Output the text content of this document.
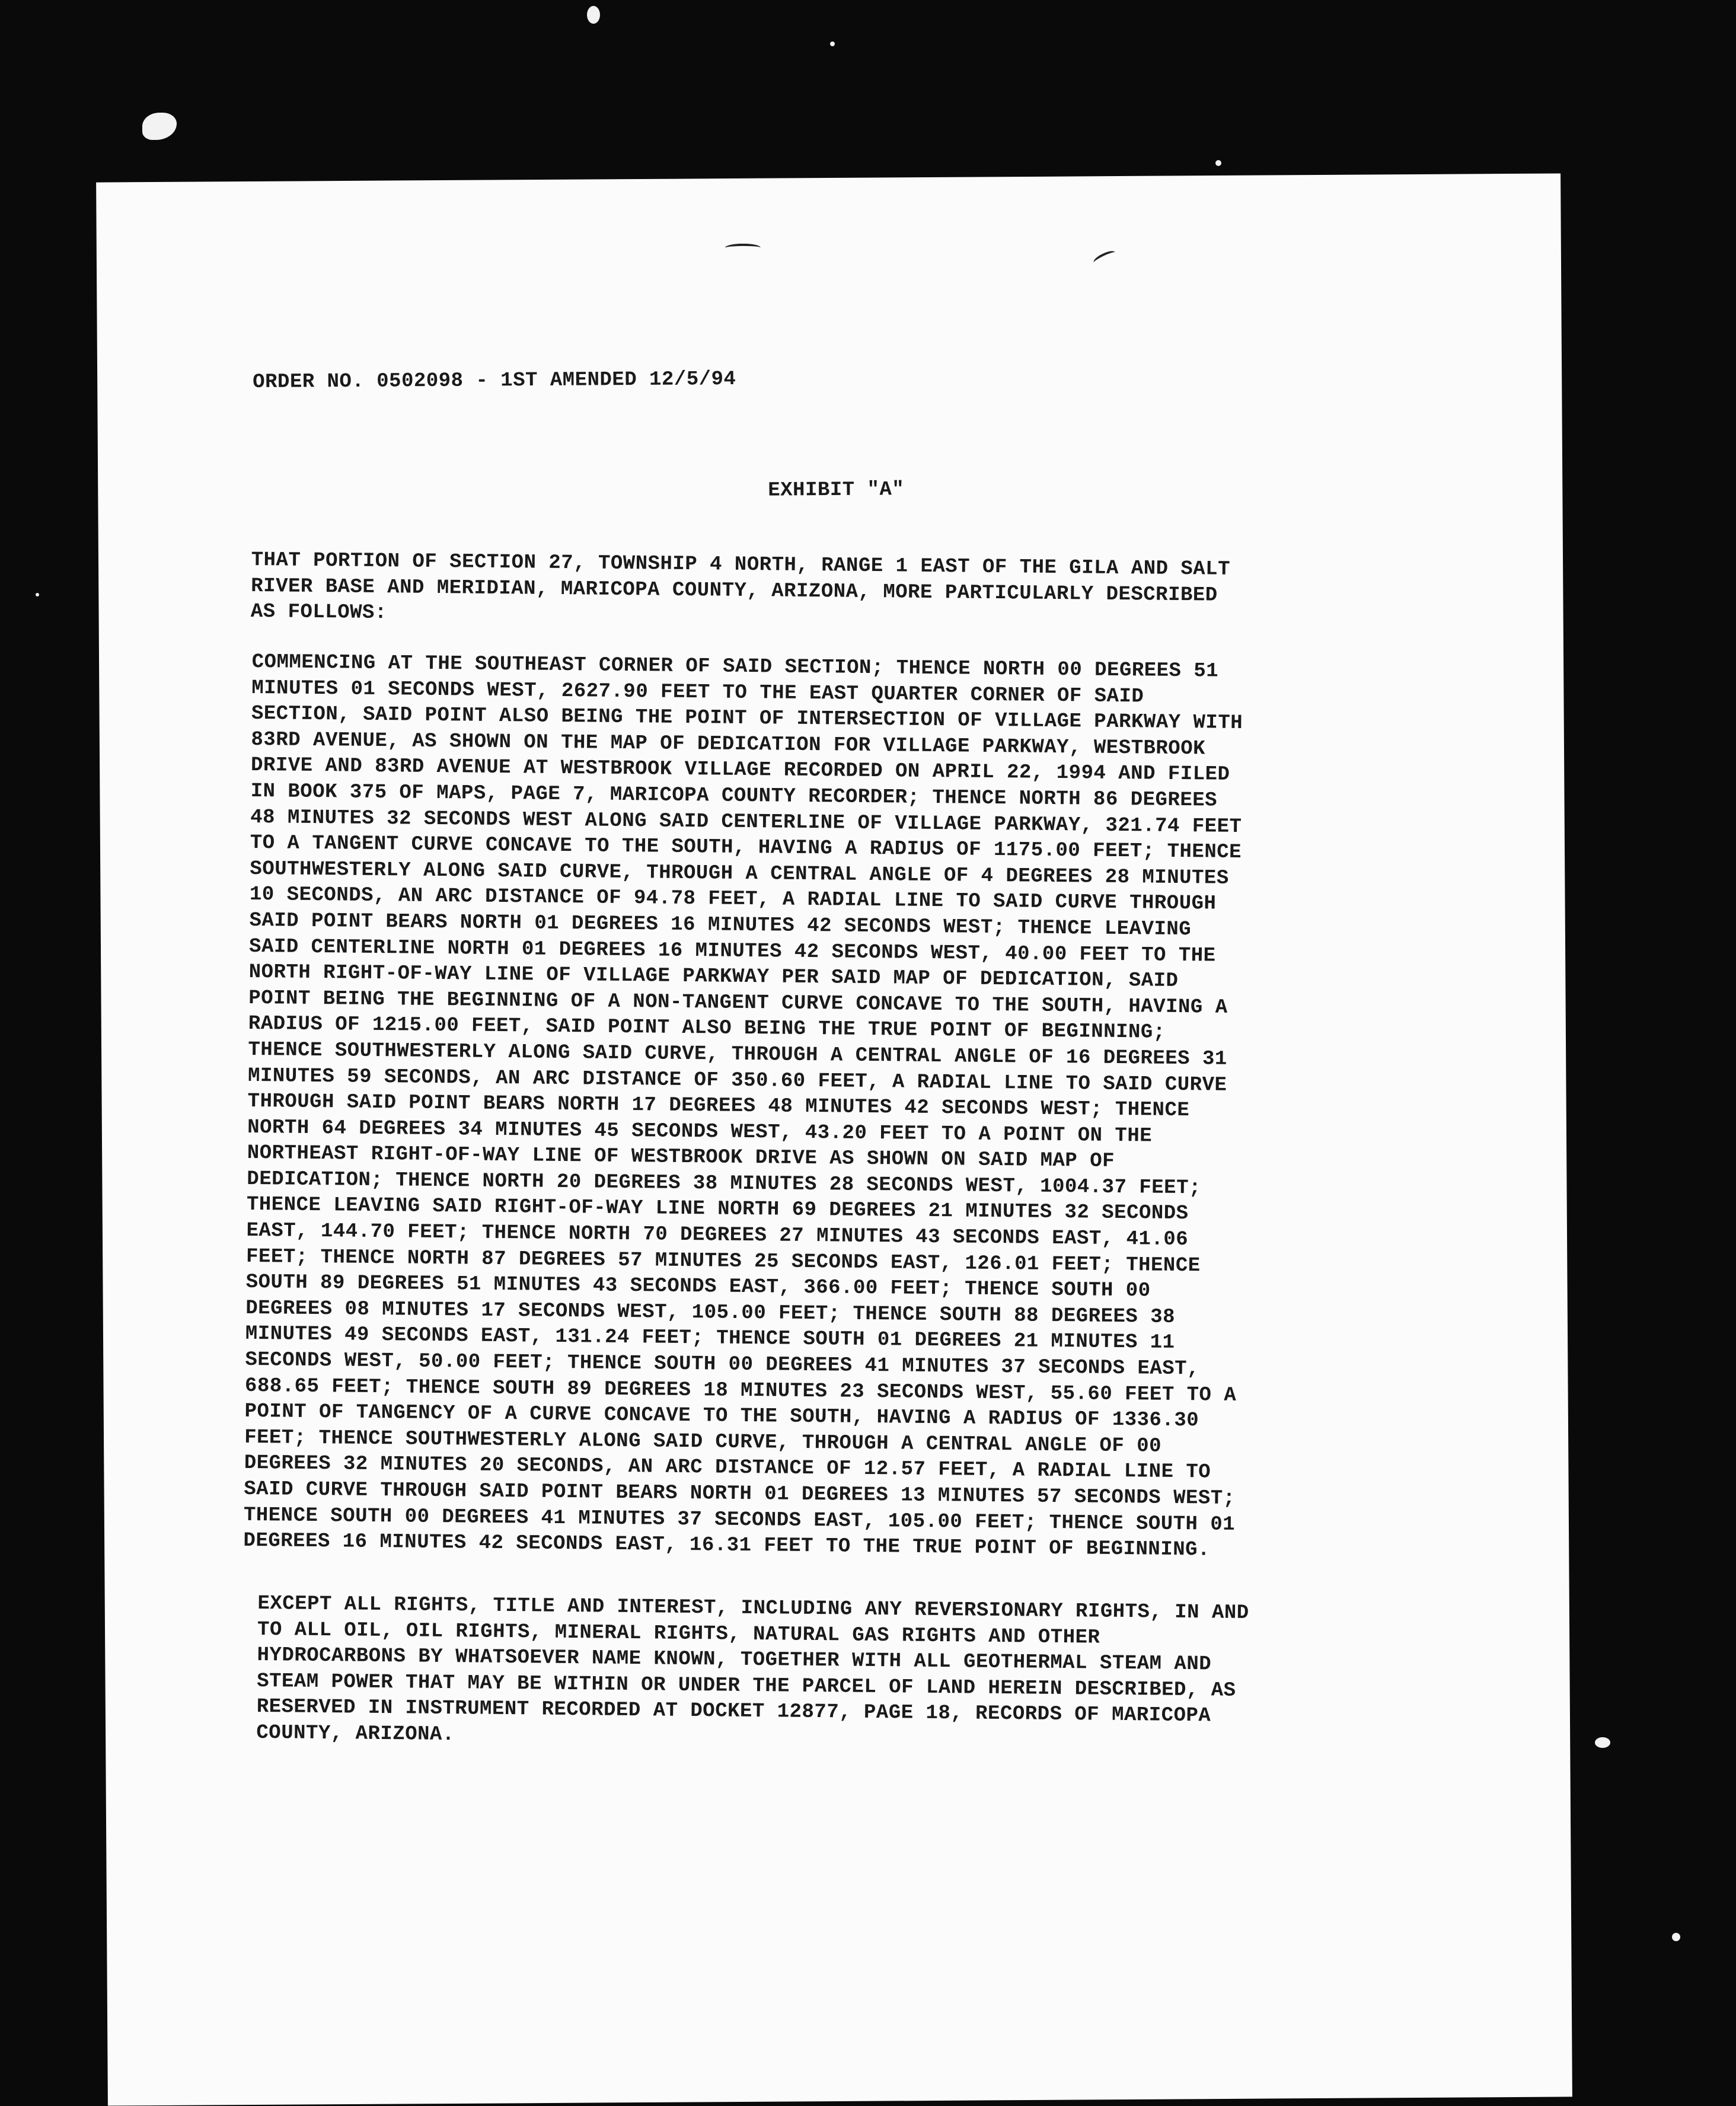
ORDER NO. 0502098 - 1ST AMENDED 12/5/94

EXHIBIT "A"

THAT PORTION OF SECTION 27, TOWNSHIP 4 NORTH, RANGE 1 EAST OF THE GILA AND SALT
RIVER BASE AND MERIDIAN, MARICOPA COUNTY, ARIZONA, MORE PARTICULARLY DESCRIBED
AS FOLLOWS:

COMMENCING AT THE SOUTHEAST CORNER OF SAID SECTION; THENCE NORTH 00 DEGREES 51
MINUTES 01 SECONDS WEST, 2627.90 FEET TO THE EAST QUARTER CORNER OF SAID
SECTION, SAID POINT ALSO BEING THE POINT OF INTERSECTION OF VILLAGE PARKWAY WITH
83RD AVENUE, AS SHOWN ON THE MAP OF DEDICATION FOR VILLAGE PARKWAY, WESTBROOK
DRIVE AND 83RD AVENUE AT WESTBROOK VILLAGE RECORDED ON APRIL 22, 1994 AND FILED
IN BOOK 375 OF MAPS, PAGE 7, MARICOPA COUNTY RECORDER; THENCE NORTH 86 DEGREES
48 MINUTES 32 SECONDS WEST ALONG SAID CENTERLINE OF VILLAGE PARKWAY, 321.74 FEET
TO A TANGENT CURVE CONCAVE TO THE SOUTH, HAVING A RADIUS OF 1175.00 FEET; THENCE
SOUTHWESTERLY ALONG SAID CURVE, THROUGH A CENTRAL ANGLE OF 4 DEGREES 28 MINUTES
10 SECONDS, AN ARC DISTANCE OF 94.78 FEET, A RADIAL LINE TO SAID CURVE THROUGH
SAID POINT BEARS NORTH 01 DEGREES 16 MINUTES 42 SECONDS WEST; THENCE LEAVING
SAID CENTERLINE NORTH 01 DEGREES 16 MINUTES 42 SECONDS WEST, 40.00 FEET TO THE
NORTH RIGHT-OF-WAY LINE OF VILLAGE PARKWAY PER SAID MAP OF DEDICATION, SAID
POINT BEING THE BEGINNING OF A NON-TANGENT CURVE CONCAVE TO THE SOUTH, HAVING A
RADIUS OF 1215.00 FEET, SAID POINT ALSO BEING THE TRUE POINT OF BEGINNING;
THENCE SOUTHWESTERLY ALONG SAID CURVE, THROUGH A CENTRAL ANGLE OF 16 DEGREES 31
MINUTES 59 SECONDS, AN ARC DISTANCE OF 350.60 FEET, A RADIAL LINE TO SAID CURVE
THROUGH SAID POINT BEARS NORTH 17 DEGREES 48 MINUTES 42 SECONDS WEST; THENCE
NORTH 64 DEGREES 34 MINUTES 45 SECONDS WEST, 43.20 FEET TO A POINT ON THE
NORTHEAST RIGHT-OF-WAY LINE OF WESTBROOK DRIVE AS SHOWN ON SAID MAP OF
DEDICATION; THENCE NORTH 20 DEGREES 38 MINUTES 28 SECONDS WEST, 1004.37 FEET;
THENCE LEAVING SAID RIGHT-OF-WAY LINE NORTH 69 DEGREES 21 MINUTES 32 SECONDS
EAST, 144.70 FEET; THENCE NORTH 70 DEGREES 27 MINUTES 43 SECONDS EAST, 41.06
FEET; THENCE NORTH 87 DEGREES 57 MINUTES 25 SECONDS EAST, 126.01 FEET; THENCE
SOUTH 89 DEGREES 51 MINUTES 43 SECONDS EAST, 366.00 FEET; THENCE SOUTH 00
DEGREES 08 MINUTES 17 SECONDS WEST, 105.00 FEET; THENCE SOUTH 88 DEGREES 38
MINUTES 49 SECONDS EAST, 131.24 FEET; THENCE SOUTH 01 DEGREES 21 MINUTES 11
SECONDS WEST, 50.00 FEET; THENCE SOUTH 00 DEGREES 41 MINUTES 37 SECONDS EAST,
688.65 FEET; THENCE SOUTH 89 DEGREES 18 MINUTES 23 SECONDS WEST, 55.60 FEET TO A
POINT OF TANGENCY OF A CURVE CONCAVE TO THE SOUTH, HAVING A RADIUS OF 1336.30
FEET; THENCE SOUTHWESTERLY ALONG SAID CURVE, THROUGH A CENTRAL ANGLE OF 00
DEGREES 32 MINUTES 20 SECONDS, AN ARC DISTANCE OF 12.57 FEET, A RADIAL LINE TO
SAID CURVE THROUGH SAID POINT BEARS NORTH 01 DEGREES 13 MINUTES 57 SECONDS WEST;
THENCE SOUTH 00 DEGREES 41 MINUTES 37 SECONDS EAST, 105.00 FEET; THENCE SOUTH 01
DEGREES 16 MINUTES 42 SECONDS EAST, 16.31 FEET TO THE TRUE POINT OF BEGINNING.

EXCEPT ALL RIGHTS, TITLE AND INTEREST, INCLUDING ANY REVERSIONARY RIGHTS, IN AND
TO ALL OIL, OIL RIGHTS, MINERAL RIGHTS, NATURAL GAS RIGHTS AND OTHER
HYDROCARBONS BY WHATSOEVER NAME KNOWN, TOGETHER WITH ALL GEOTHERMAL STEAM AND
STEAM POWER THAT MAY BE WITHIN OR UNDER THE PARCEL OF LAND HEREIN DESCRIBED, AS
RESERVED IN INSTRUMENT RECORDED AT DOCKET 12877, PAGE 18, RECORDS OF MARICOPA
COUNTY, ARIZONA.
